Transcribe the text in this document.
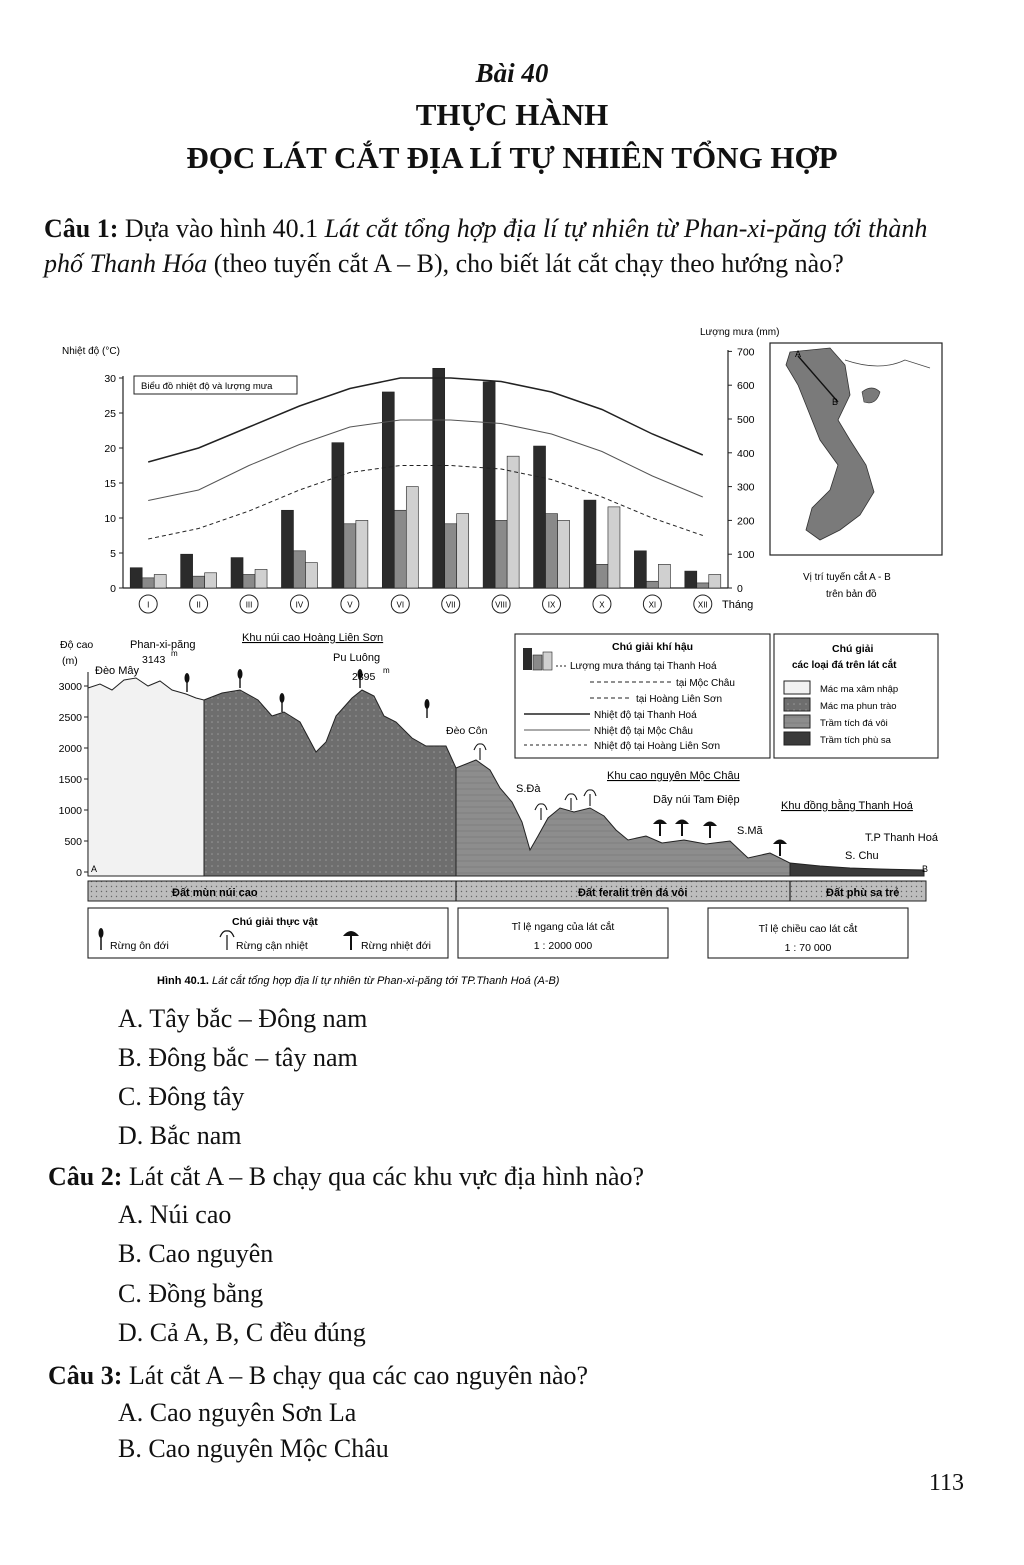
Bài 40
THỰC HÀNH
ĐỌC LÁT CẮT ĐỊA LÍ TỰ NHIÊN TỔNG HỢP
Câu 1: Dựa vào hình 40.1 Lát cắt tổng hợp địa lí tự nhiên từ Phan-xi-păng tới thành phố Thanh Hóa (theo tuyến cắt A – B), cho biết lát cắt chạy theo hướng nào?
Nhiệt độ (°C)
Lượng mưa (mm)
Biểu đồ nhiệt độ và lượng mưa
0
5
10
15
20
25
30
0
100
200
300
400
500
600
700
I	II	III	IV	V	VI	VII	VIII	IX	X	XI	XII Tháng
A
B
Vị trí tuyến cắt A - B
trên bản đồ
Độ cao
(m)
0
500
1000
1500
2000
2500
3000
A	B
Phan-xi-păng
3143
m
Đèo Mây
Khu núi cao Hoàng Liên Sơn
Pu Luông
2895
m
Đèo Côn
S.Đà
Khu cao nguyên Mộc Châu
Dãy núi Tam Điệp	Khu đồng bằng Thanh Hoá
S.Mã
T.P Thanh Hoá
S. Chu
Đất mùn núi cao	Đất feralit trên đá vôi	Đất phù sa trẻ
Chú giải khí hậu
Lượng mưa tháng tại Thanh Hoá
tại Mộc Châu
tại Hoàng Liên Sơn
Nhiệt độ tại Thanh Hoá
Nhiệt độ tại Mộc Châu
Nhiệt độ tại Hoàng Liên Sơn
Chú giải
các loại đá trên lát cắt
Mác ma xâm nhập
Mác ma phun trào
Trầm tích đá vôi
Trầm tích phù sa
Chú giải thực vật
Rừng ôn đới	Rừng cận nhiệt	Rừng nhiệt đới
Tỉ lệ ngang của lát cắt
1 : 2000 000
Tỉ lệ chiều cao lát cắt
1 : 70 000
Hình 40.1. Lát cắt tổng hợp địa lí tự nhiên từ Phan-xi-păng tới TP.Thanh Hoá (A-B)
A. Tây bắc – Đông nam
B. Đông bắc – tây nam
C. Đông tây
D. Bắc nam
Câu 2: Lát cắt A – B chạy qua các khu vực địa hình nào?
A. Núi cao
B. Cao nguyên
C. Đồng bằng
D. Cả A, B, C đều đúng
Câu 3: Lát cắt A – B chạy qua các cao nguyên nào?
A. Cao nguyên Sơn La
B. Cao nguyên Mộc Châu
113
